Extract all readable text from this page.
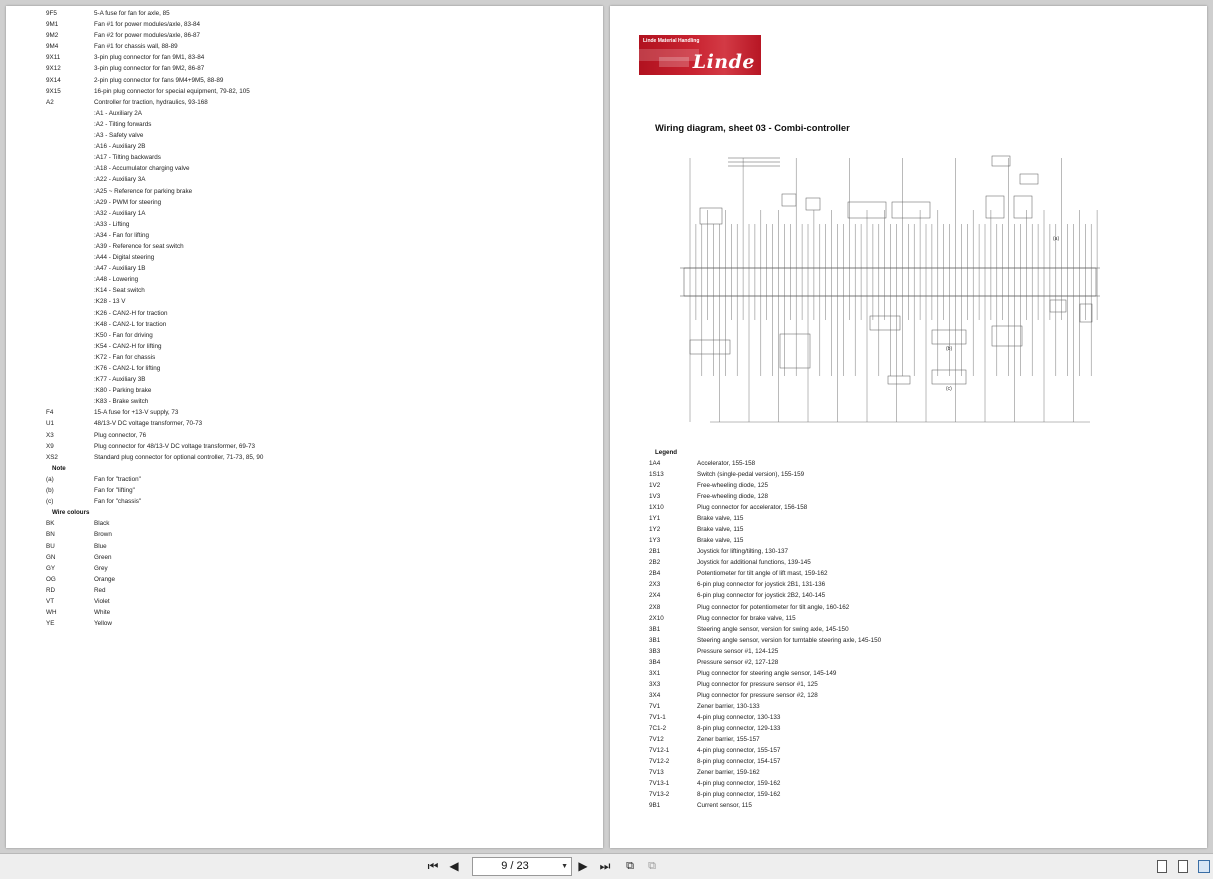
9F5	5-A fuse for fan for axle, 85
9M1	Fan #1 for power modules/axle, 83-84
9M2	Fan #2 for power modules/axle, 86-87
9M4	Fan #1 for chassis wall, 88-89
9X11	3-pin plug connector for fan 9M1, 83-84
9X12	3-pin plug connector for fan 9M2, 86-87
9X14	2-pin plug connector for fans 9M4+9M5, 88-89
9X15	16-pin plug connector for special equipment, 79-82, 105
A2	Controller for traction, hydraulics, 93-168
:A1 - Auxiliary 2A
:A2 - Tilting forwards
:A3 - Safety valve
:A16 - Auxiliary 2B
:A17 - Tilting backwards
:A18 - Accumulator charging valve
:A22 - Auxiliary 3A
:A25 ~ Reference for parking brake
:A29 - PWM for steering
:A32 - Auxiliary 1A
:A33 - Lifting
:A34 - Fan for lifting
:A39 - Reference for seat switch
:A44 - Digital steering
:A47 - Auxiliary 1B
:A48 - Lowering
:K14 - Seat switch
:K28 - 13 V
:K26 - CAN2-H for traction
:K48 - CAN2-L for traction
:K50 - Fan for driving
:K54 - CAN2-H for lifting
:K72 - Fan for chassis
:K76 - CAN2-L for lifting
:K77 - Auxiliary 3B
:K80 - Parking brake
:K83 - Brake switch
F4	15-A fuse for +13-V supply, 73
U1	48/13-V DC voltage transformer, 70-73
X3	Plug connector, 76
X9	Plug connector for 48/13-V DC voltage transformer, 69-73
XS2	Standard plug connector for optional controller, 71-73, 85, 90
Note
(a)	Fan for "traction"
(b)	Fan for "lifting"
(c)	Fan for "chassis"
Wire colours
BK	Black
BN	Brown
BU	Blue
GN	Green
GY	Grey
OG	Orange
RD	Red
VT	Violet
WH	White
YE	Yellow
Linde Material Handling
Linde
Wiring diagram, sheet 03 - Combi-controller
(a)
(b)
(c)
Legend
1A4	Accelerator, 155-158
1S13	Switch (single-pedal version), 155-159
1V2	Free-wheeling diode, 125
1V3	Free-wheeling diode, 128
1X10	Plug connector for accelerator, 156-158
1Y1	Brake valve, 115
1Y2	Brake valve, 115
1Y3	Brake valve, 115
2B1	Joystick for lifting/tilting, 130-137
2B2	Joystick for additional functions, 139-145
2B4	Potentiometer for tilt angle of lift mast, 159-162
2X3	6-pin plug connector for joystick 2B1, 131-136
2X4	6-pin plug connector for joystick 2B2, 140-145
2X8	Plug connector for potentiometer for tilt angle, 160-162
2X10	Plug connector for brake valve, 115
3B1	Steering angle sensor, version for swing axle, 145-150
3B1	Steering angle sensor, version for turntable steering axle, 145-150
3B3	Pressure sensor #1, 124-125
3B4	Pressure sensor #2, 127-128
3X1	Plug connector for steering angle sensor, 145-149
3X3	Plug connector for pressure sensor #1, 125
3X4	Plug connector for pressure sensor #2, 128
7V1	Zener barrier, 130-133
7V1-1	4-pin plug connector, 130-133
7C1-2	8-pin plug connector, 129-133
7V12	Zener barrier, 155-157
7V12-1	4-pin plug connector, 155-157
7V12-2	8-pin plug connector, 154-157
7V13	Zener barrier, 159-162
7V13-1	4-pin plug connector, 159-162
7V13-2	8-pin plug connector, 159-162
9B1	Current sensor, 115
⏮ ◀	9 / 23	▼ ▶ ⏭	⧉	⧉
